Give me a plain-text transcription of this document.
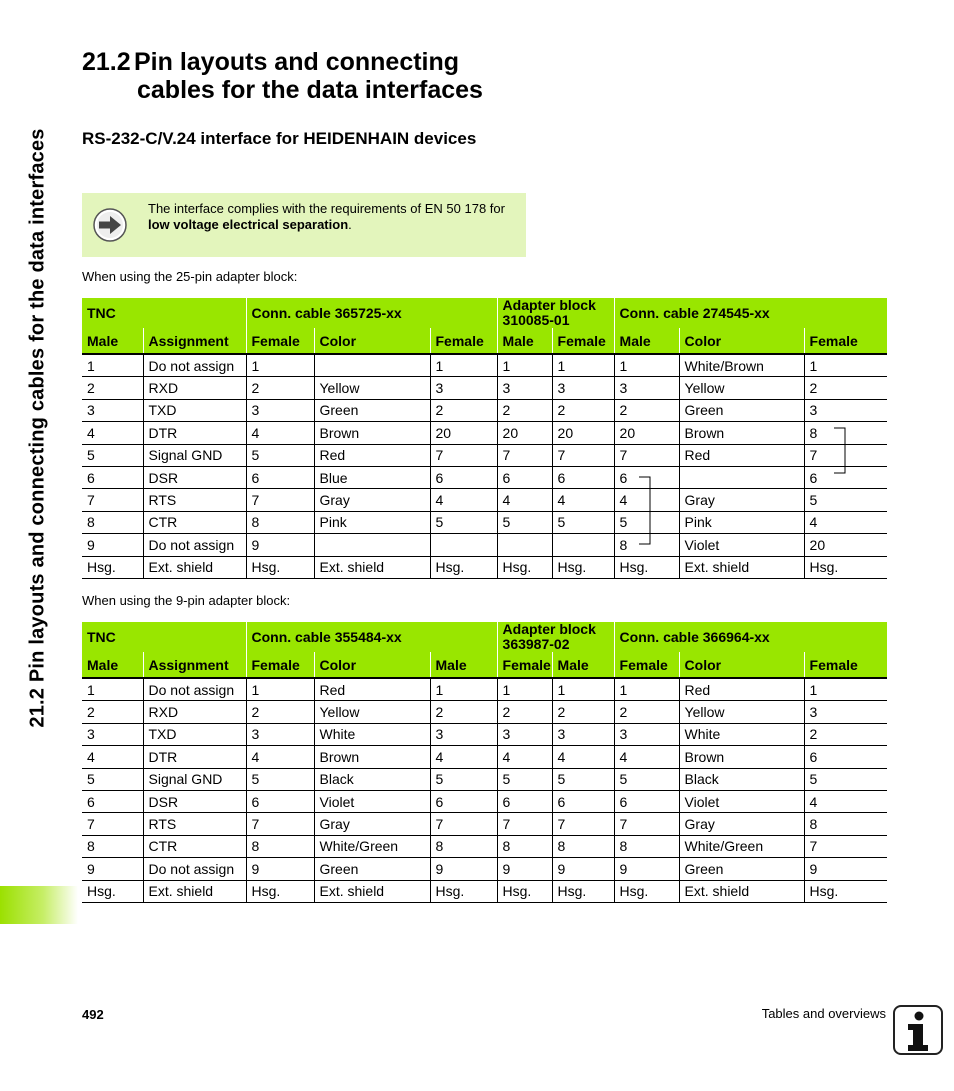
21.2 Pin layouts and connecting cables for the data interfaces
21.2 Pin layouts and connecting
cables for the data interfaces
RS-232-C/V.24 interface for HEIDENHAIN devices
The interface complies with the requirements of EN 50 178 for low voltage electrical separation.
When using the 25-pin adapter block:
TNC		Conn. cable 365725-xx			Adapter block 310085-01		Conn. cable 274545-xx		
Male	Assignment	Female	Color	Female	Male	Female	Male	Color	Female
1	Do not assign	1		1	1	1	1	White/Brown	1
2	RXD	2	Yellow	3	3	3	3	Yellow	2
3	TXD	3	Green	2	2	2	2	Green	3
4	DTR	4	Brown	20	20	20	20	Brown	8
5	Signal GND	5	Red	7	7	7	7	Red	7
6	DSR	6	Blue	6	6	6	6		6
7	RTS	7	Gray	4	4	4	4	Gray	5
8	CTR	8	Pink	5	5	5	5	Pink	4
9	Do not assign	9					8	Violet	20
Hsg.	Ext. shield	Hsg.	Ext. shield	Hsg.	Hsg.	Hsg.	Hsg.	Ext. shield	Hsg.
When using the 9-pin adapter block:
TNC		Conn. cable 355484-xx			Adapter block 363987-02		Conn. cable 366964-xx		
Male	Assignment	Female	Color	Male	Female	Male	Female	Color	Female
1	Do not assign	1	Red	1	1	1	1	Red	1
2	RXD	2	Yellow	2	2	2	2	Yellow	3
3	TXD	3	White	3	3	3	3	White	2
4	DTR	4	Brown	4	4	4	4	Brown	6
5	Signal GND	5	Black	5	5	5	5	Black	5
6	DSR	6	Violet	6	6	6	6	Violet	4
7	RTS	7	Gray	7	7	7	7	Gray	8
8	CTR	8	White/Green	8	8	8	8	White/Green	7
9	Do not assign	9	Green	9	9	9	9	Green	9
Hsg.	Ext. shield	Hsg.	Ext. shield	Hsg.	Hsg.	Hsg.	Hsg.	Ext. shield	Hsg.
492	Tables and overviews
